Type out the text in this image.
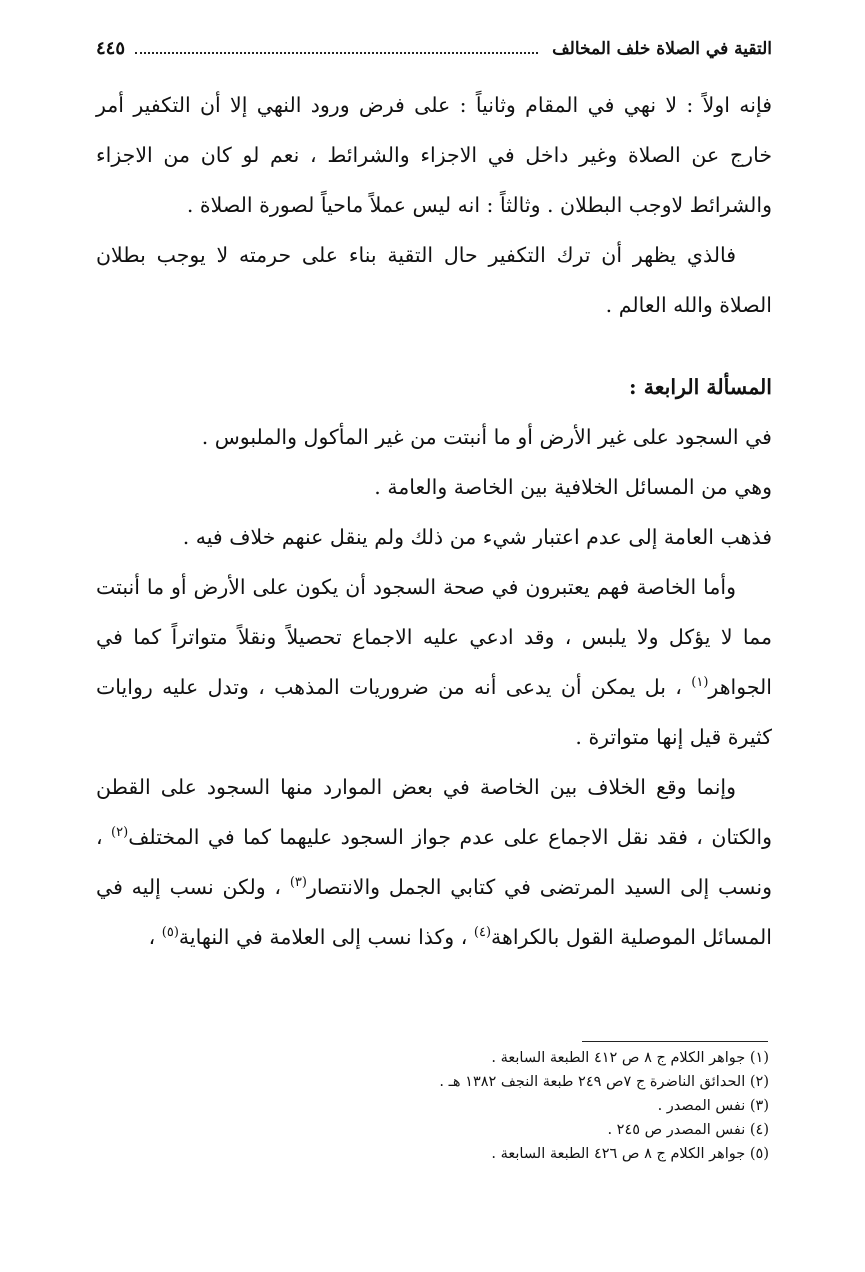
التقية في الصلاة خلف المخالف
٤٤٥

فإنه اولاً : لا نهي في المقام وثانياً : على فرض ورود النهي إلا أن التكفير أمر خارج عن الصلاة وغير داخل في الاجزاء والشرائط ، نعم لو كان من الاجزاء والشرائط لاوجب البطلان . وثالثاً : انه ليس عملاً ماحياً لصورة الصلاة .

فالذي يظهر أن ترك التكفير حال التقية بناء على حرمته لا يوجب بطلان الصلاة والله العالم .

المسألة الرابعة :

في السجود على غير الأرض أو ما أنبتت من غير المأكول والملبوس .

وهي من المسائل الخلافية بين الخاصة والعامة .

فذهب العامة إلى عدم اعتبار شيء من ذلك ولم ينقل عنهم خلاف فيه .

وأما الخاصة فهم يعتبرون في صحة السجود أن يكون على الأرض أو ما أنبتت مما لا يؤكل ولا يلبس ، وقد ادعي عليه الاجماع تحصيلاً ونقلاً متواتراً كما في الجواهر$^{(١)}$ ، بل يمكن أن يدعى أنه من ضروريات المذهب ، وتدل عليه روايات كثيرة قيل إنها متواترة .

وإنما وقع الخلاف بين الخاصة في بعض الموارد منها السجود على القطن والكتان ، فقد نقل الاجماع على عدم جواز السجود عليهما كما في المختلف$^{(٢)}$ ، ونسب إلى السيد المرتضى في كتابي الجمل والانتصار$^{(٣)}$ ، ولكن نسب إليه في المسائل الموصلية القول بالكراهة$^{(٤)}$ ، وكذا نسب إلى العلامة في النهاية$^{(٥)}$ ،

(١) جواهر الكلام ج ٨ ص ٤١٢ الطبعة السابعة .
(٢) الحدائق الناضرة ج ٧ص ٢٤٩ طبعة النجف ١٣٨٢ هـ .
(٣) نفس المصدر .
(٤) نفس المصدر ص ٢٤٥ .
(٥) جواهر الكلام ج ٨ ص ٤٢٦ الطبعة السابعة .
